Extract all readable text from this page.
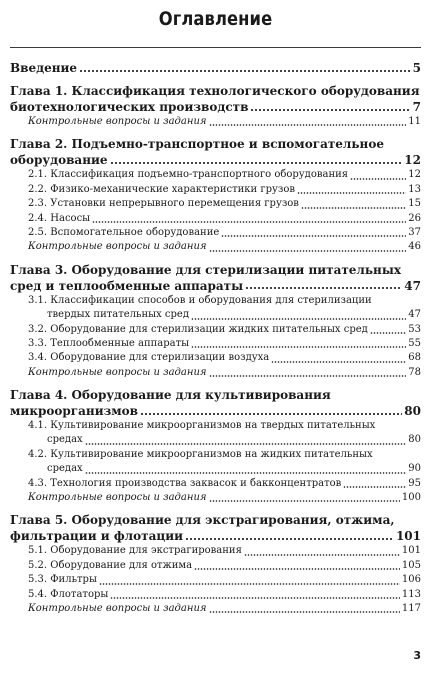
Оглавление
Введение	5
Глава 1. Классификация технологического оборудования
биотехнологических производств	7
Контрольные вопросы и задания	11
Глава 2. Подъемно-транспортное и вспомогательное
оборудование	12
2.1. Классификация подъемно-транспортного оборудования	12
2.2. Физико-механические характеристики грузов	13
2.3. Установки непрерывного перемещения грузов	15
2.4. Насосы	26
2.5. Вспомогательное оборудование	37
Контрольные вопросы и задания	46
Глава 3. Оборудование для стерилизации питательных
сред и теплообменные аппараты	47
3.1. Классификации способов и оборудования для стерилизации
твердых питательных сред	47
3.2. Оборудование для стерилизации жидких питательных сред	53
3.3. Теплообменные аппараты	55
3.4. Оборудование для стерилизации воздуха	68
Контрольные вопросы и задания	78
Глава 4. Оборудование для культивирования
микроорганизмов	80
4.1. Культивирование микроорганизмов на твердых питательных
средах	80
4.2. Культивирование микроорганизмов на жидких питательных
средах	90
4.3. Технология производства заквасок и бакконцентратов	95
Контрольные вопросы и задания	100
Глава 5. Оборудование для экстрагирования, отжима,
фильтрации и флотации	101
5.1. Оборудование для экстрагирования	101
5.2. Оборудование для отжима	105
5.3. Фильтры	106
5.4. Флотаторы	113
Контрольные вопросы и задания	117
3
